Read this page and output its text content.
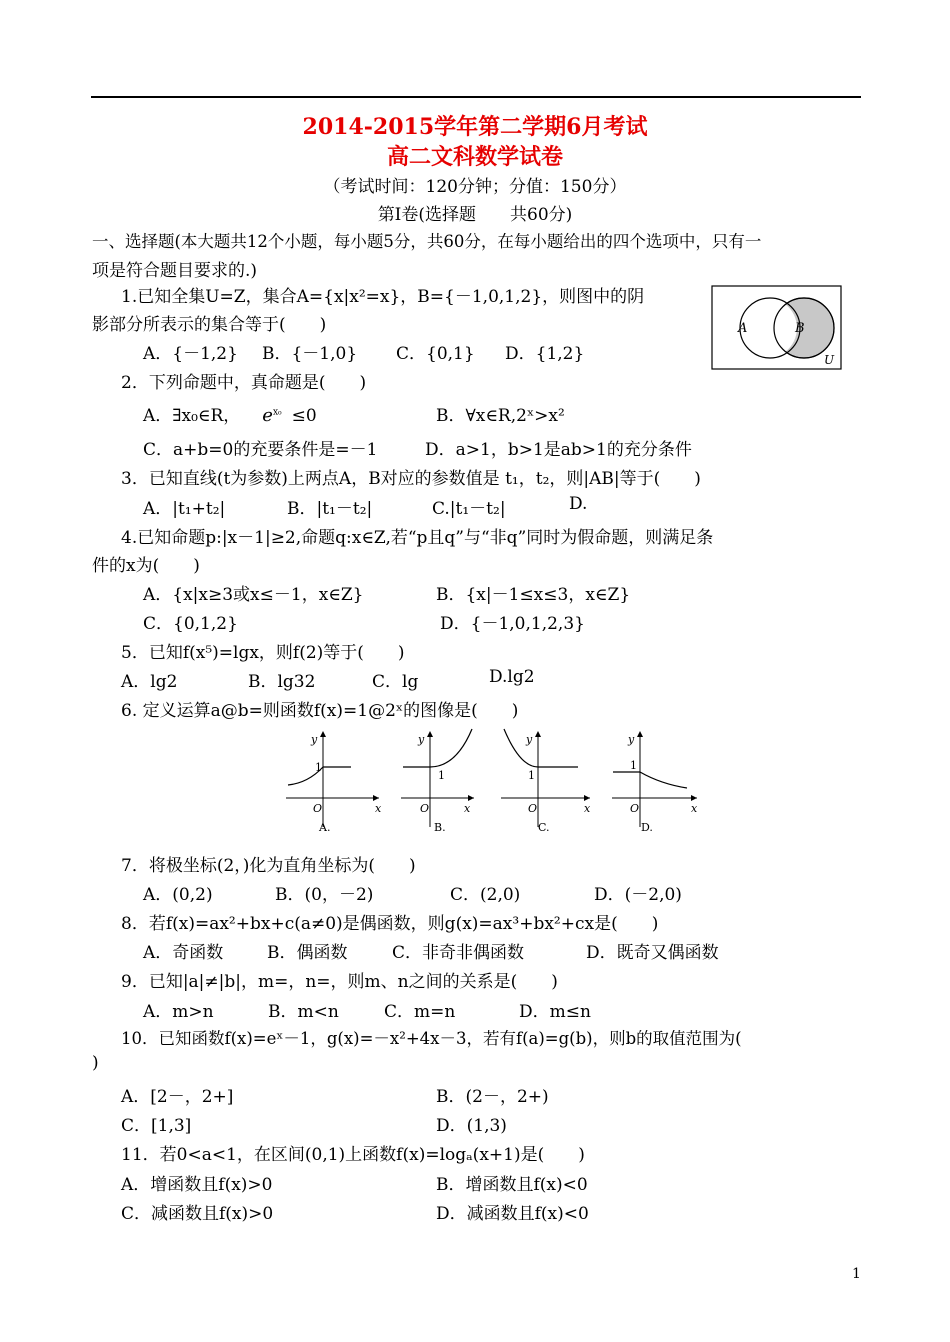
2014-2015学年第二学期6月考试
高二文科数学试卷
（考试时间：120分钟；分值：150分）
第Ⅰ卷(选择题　　共60分)
一、选择题(本大题共12个小题，每小题5分，共60分，在每小题给出的四个选项中，只有一
项是符合题目要求的.)
1.已知全集U=Z，集合A={x|x²=x}，B={－1,0,1,2}，则图中的阴
影部分所表示的集合等于(　　)
A．{－1,2} B．{－1,0} C．{0,1} D．{1,2}
A	B
U
2．下列命题中，真命题是(　　)
A．∃x₀∈R， $e^{x_0} \le 0$	B．∀x∈R,2ˣ>x²
C．a+b=0的充要条件是=－1	D．a>1，b>1是ab>1的充分条件
3．已知直线(t为参数)上两点A，B对应的参数值是 t₁，t₂，则|AB|等于(　　)
A．|t₁+t₂|	B．|t₁－t₂|	C.|t₁－t₂|	D.
4.已知命题p:|x－1|≥2,命题q:x∈Z,若“p且q”与“非q”同时为假命题，则满足条
件的x为(　　)
A．{x|x≥3或x≤－1，x∈Z}	B．{x|－1≤x≤3，x∈Z}
C．{0,1,2}	D．{－1,0,1,2,3}
5．已知f(x⁵)=lgx，则f(2)等于(　　)
A．lg2	B．lg32	C．lg	D.lg2
6. 定义运算a@b=则函数f(x)=1@2ˣ的图像是(　　)
y
1
O	x
A.
y
1
O	x
B.
y
1
O	x
C.
y
1
O	x
D.
7．将极坐标(2，)化为直角坐标为(　　)
A．(0,2)	B．(0，－2)	C．(2,0)	D．(－2,0)
8．若f(x)=ax²+bx+c(a≠0)是偶函数，则g(x)=ax³+bx²+cx是(　　)
A．奇函数	B．偶函数	C．非奇非偶函数	D．既奇又偶函数
9．已知|a|≠|b|，m=，n=，则m、n之间的关系是(　　)
A．m>n	B．m<n	C．m=n	D．m≤n
10．已知函数f(x)=eˣ－1，g(x)=－x²+4x－3，若有f(a)=g(b)，则b的取值范围为(
)
A．[2－，2+]	B．(2－，2+)
C．[1,3]	D．(1,3)
11．若0<a<1，在区间(0,1)上函数f(x)=logₐ(x+1)是(　　)
A．增函数且f(x)>0	B．增函数且f(x)<0
C．减函数且f(x)>0	D．减函数且f(x)<0
1
